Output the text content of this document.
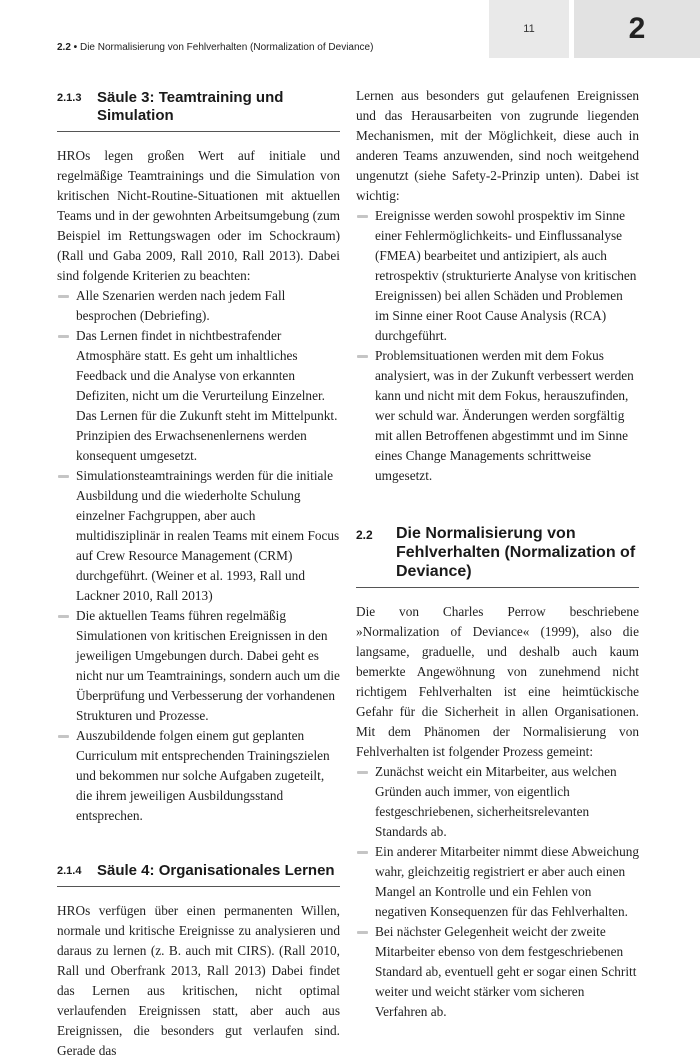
2.2 • Die Normalisierung von Fehlverhalten (Normalization of Deviance)
11	2
2.1.3	Säule 3: Teamtraining und Simulation

HROs legen großen Wert auf initiale und regelmäßige Teamtrainings und die Simulation von kritischen Nicht-Routine-Situationen mit aktuellen Teams und in der gewohnten Arbeitsumgebung (zum Beispiel im Rettungswagen oder im Schockraum) (Rall und Gaba 2009, Rall 2010, Rall 2013). Dabei sind folgende Kriterien zu beachten:

Alle Szenarien werden nach jedem Fall besprochen (Debriefing).
Das Lernen findet in nichtbestrafender Atmosphäre statt. Es geht um inhaltliches Feedback und die Analyse von erkannten Defiziten, nicht um die Verurteilung Einzelner. Das Lernen für die Zukunft steht im Mittelpunkt. Prinzipien des Erwachsenenlernens werden konsequent umgesetzt.
Simulationsteamtrainings werden für die initiale Ausbildung und die wiederholte Schulung einzelner Fachgruppen, aber auch multidisziplinär in realen Teams mit einem Focus auf Crew Resource Management (CRM) durchgeführt. (Weiner et al. 1993, Rall und Lackner 2010, Rall 2013)
Die aktuellen Teams führen regelmäßig Simulationen von kritischen Ereignissen in den jeweiligen Umgebungen durch. Dabei geht es nicht nur um Teamtrainings, sondern auch um die Überprüfung und Verbesserung der vorhandenen Strukturen und Prozesse.
Auszubildende folgen einem gut geplanten Curriculum mit entsprechenden Trainingszielen und bekommen nur solche Aufgaben zugeteilt, die ihrem jeweiligen Ausbildungsstand entsprechen.
2.1.4	Säule 4: Organisationales Lernen

HROs verfügen über einen permanenten Willen, normale und kritische Ereignisse zu analysieren und daraus zu lernen (z. B. auch mit CIRS). (Rall 2010, Rall und Oberfrank 2013, Rall 2013) Dabei findet das Lernen aus kritischen, nicht optimal verlaufenden Ereignissen statt, aber auch aus Ereignissen, die besonders gut verlaufen sind. Gerade das

Lernen aus besonders gut gelaufenen Ereignissen und das Herausarbeiten von zugrunde liegenden Mechanismen, mit der Möglichkeit, diese auch in anderen Teams anzuwenden, sind noch weitgehend ungenutzt (siehe Safety-2-Prinzip unten). Dabei ist wichtig:

Ereignisse werden sowohl prospektiv im Sinne einer Fehlermöglichkeits- und Einflussanalyse (FMEA) bearbeitet und antizipiert, als auch retrospektiv (strukturierte Analyse von kritischen Ereignissen) bei allen Schäden und Problemen im Sinne einer Root Cause Analysis (RCA) durchgeführt.
Problemsituationen werden mit dem Fokus analysiert, was in der Zukunft verbessert werden kann und nicht mit dem Fokus, herauszufinden, wer schuld war. Änderungen werden sorgfältig mit allen Betroffenen abgestimmt und im Sinne eines Change Managements schrittweise umgesetzt.
2.2	Die Normalisierung von Fehlverhalten (Normalization of Deviance)

Die von Charles Perrow beschriebene »Normalization of Deviance« (1999), also die langsame, graduelle, und deshalb auch kaum bemerkte Angewöhnung von zunehmend nicht richtigem Fehlverhalten ist eine heimtückische Gefahr für die Sicherheit in allen Organisationen. Mit dem Phänomen der Normalisierung von Fehlverhalten ist folgender Prozess gemeint:

Zunächst weicht ein Mitarbeiter, aus welchen Gründen auch immer, von eigentlich festgeschriebenen, sicherheitsrelevanten Standards ab.
Ein anderer Mitarbeiter nimmt diese Abweichung wahr, gleichzeitig registriert er aber auch einen Mangel an Kontrolle und ein Fehlen von negativen Konsequenzen für das Fehlverhalten.
Bei nächster Gelegenheit weicht der zweite Mitarbeiter ebenso von dem festgeschriebenen Standard ab, eventuell geht er sogar einen Schritt weiter und weicht stärker vom sicheren Verfahren ab.
